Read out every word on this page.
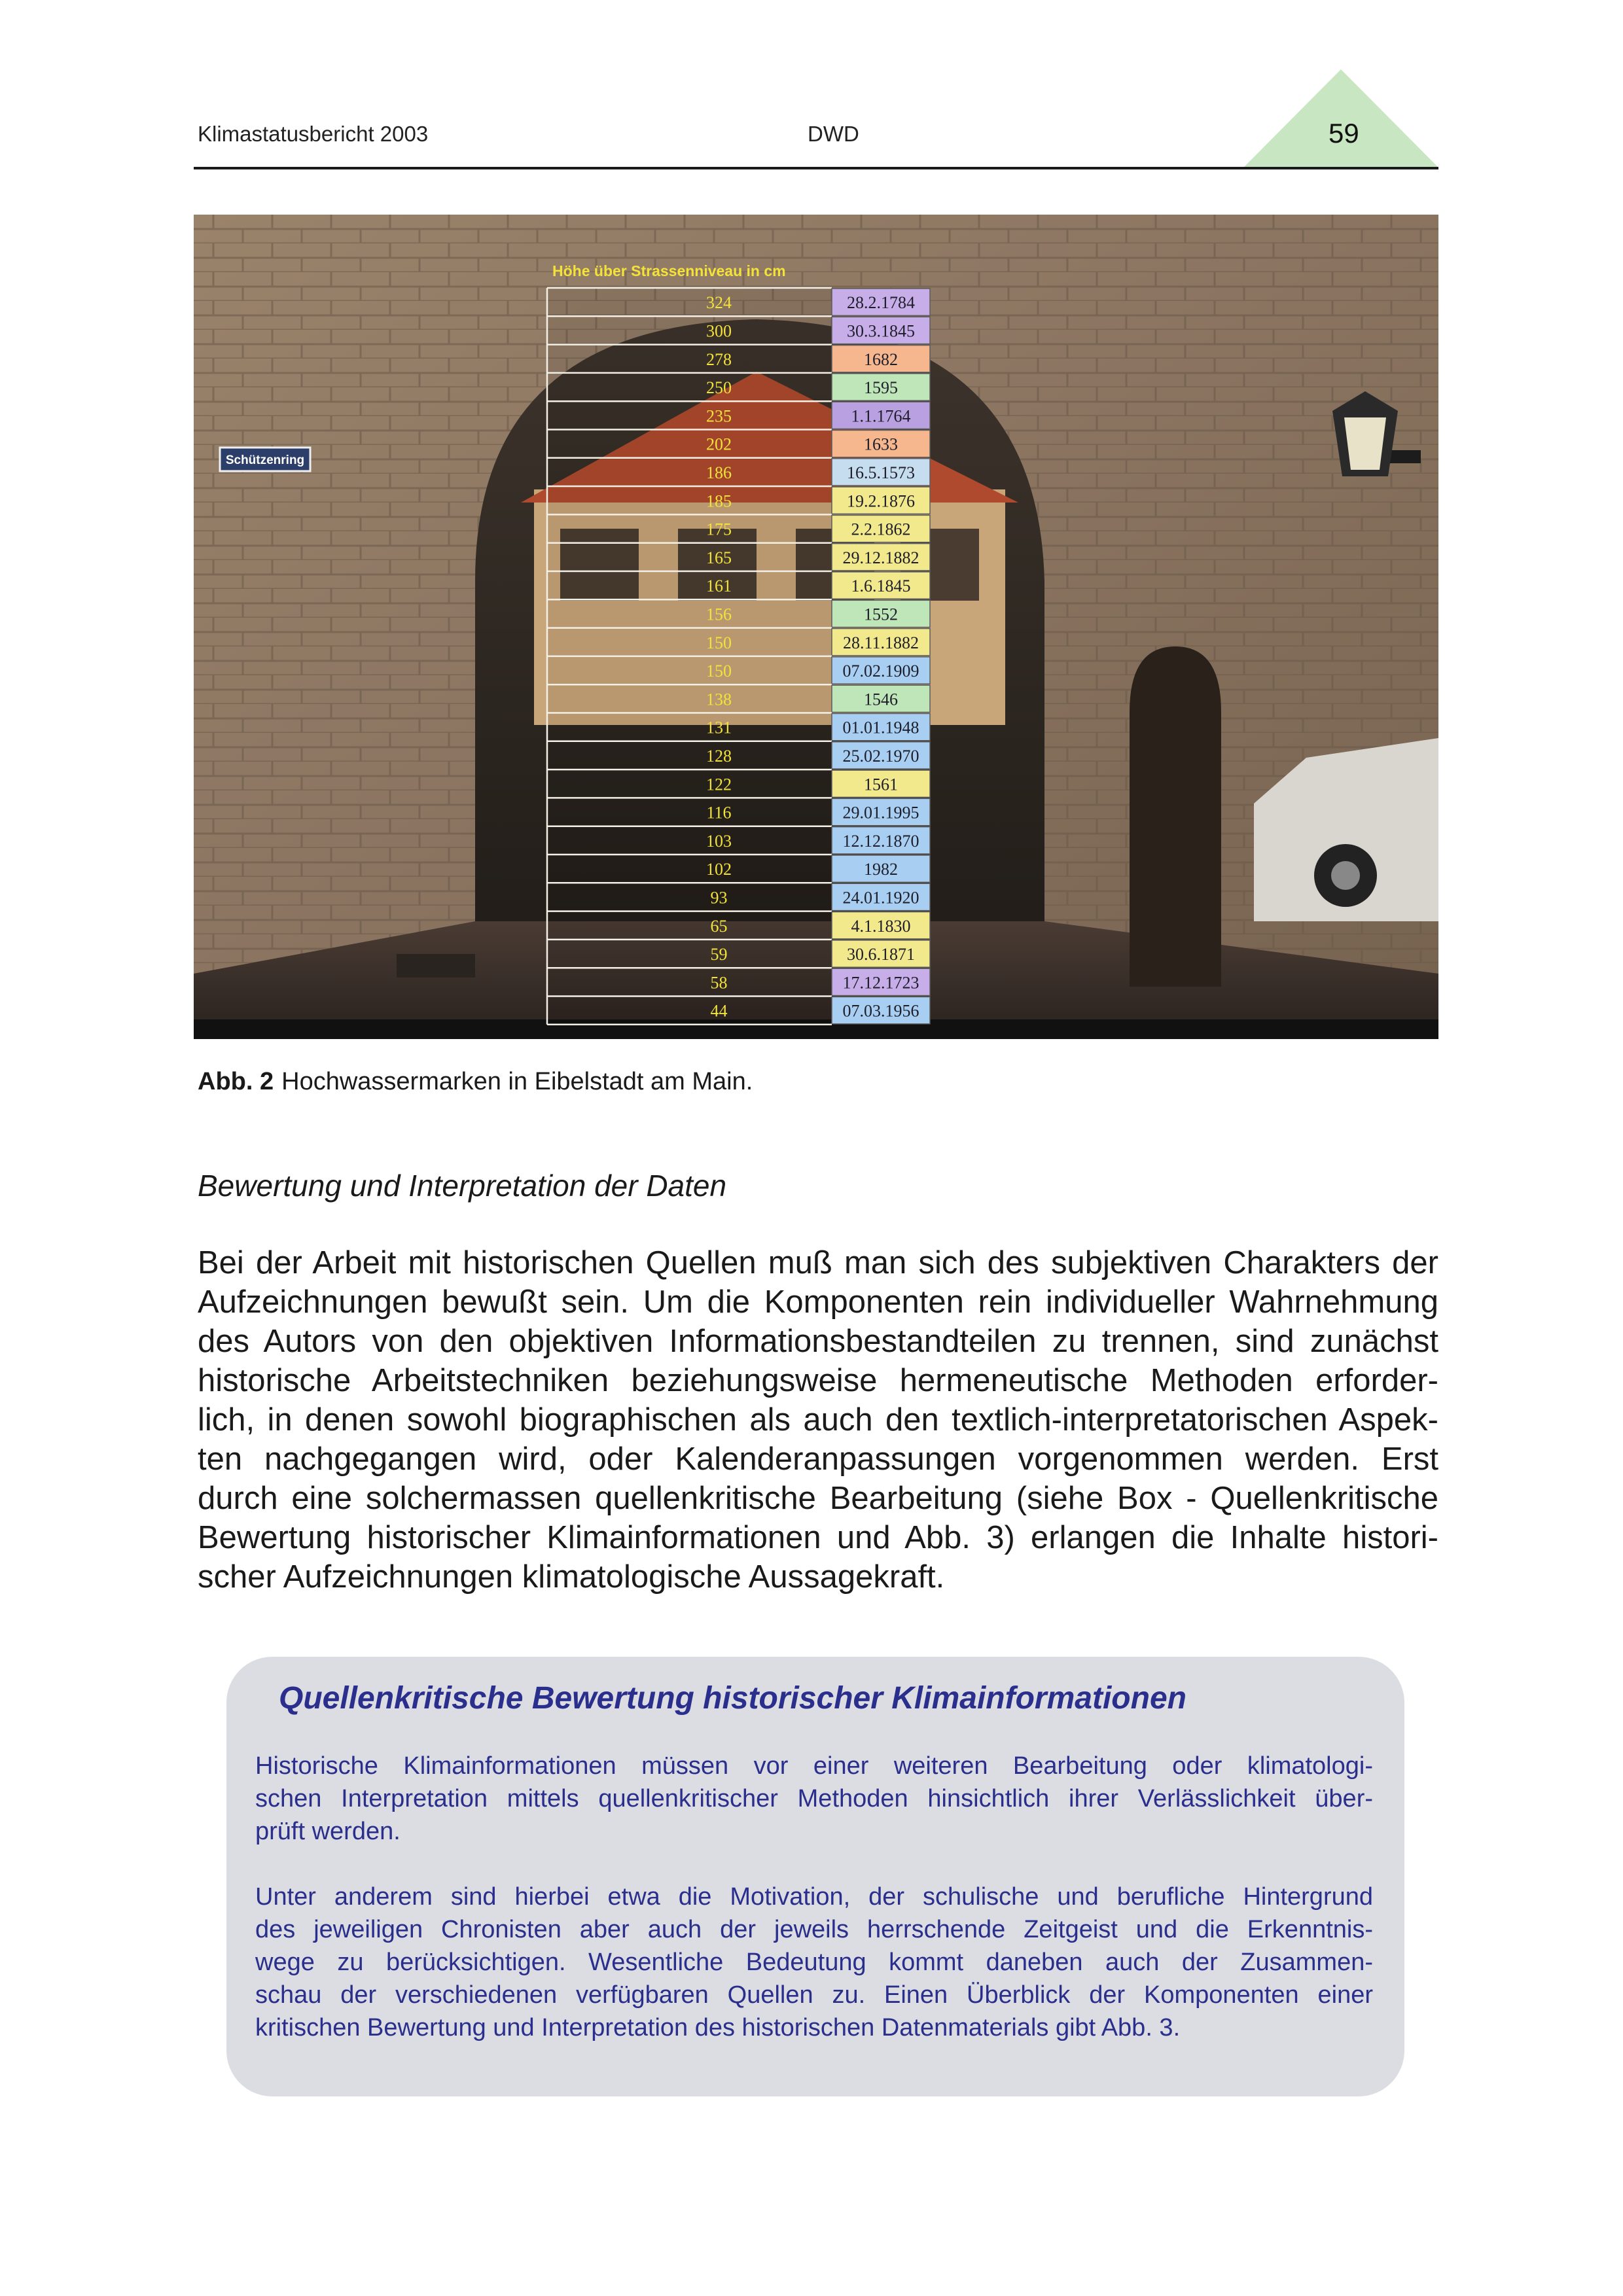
Klimastatusbericht 2003	DWD	59
Schützenring
Höhe über Strassenniveau in cm
324	28.2.1784
300	30.3.1845
278	1682
250	1595
235	1.1.1764
202	1633
186	16.5.1573
185	19.2.1876
175	2.2.1862
165	29.12.1882
161	1.6.1845
156	1552
150	28.11.1882
150	07.02.1909
138	1546
131	01.01.1948
128	25.02.1970
122	1561
116	29.01.1995
103	12.12.1870
102	1982
93	24.01.1920
65	4.1.1830
59	30.6.1871
58	17.12.1723
44	07.03.1956
Abb. 2 Hochwassermarken in Eibelstadt am Main.
Bewertung und Interpretation der Daten
Bei der Arbeit mit historischen Quellen muß man sich des subjektiven Charakters der
Aufzeichnungen bewußt sein. Um die Komponenten rein individueller Wahrnehmung
des Autors von den objektiven Informationsbestandteilen zu trennen, sind zunächst
historische Arbeitstechniken beziehungsweise hermeneutische Methoden erforder-
lich, in denen sowohl biographischen als auch den textlich-interpretatorischen Aspek-
ten nachgegangen wird, oder Kalenderanpassungen vorgenommen werden. Erst
durch eine solchermassen quellenkritische Bearbeitung (siehe Box - Quellenkritische
Bewertung historischer Klimainformationen und Abb. 3) erlangen die Inhalte histori-
scher Aufzeichnungen klimatologische Aussagekraft.
Quellenkritische Bewertung historischer Klimainformationen
Historische Klimainformationen müssen vor einer weiteren Bearbeitung oder klimatologi-
schen Interpretation mittels quellenkritischer Methoden hinsichtlich ihrer Verlässlichkeit über-
prüft werden.
Unter anderem sind hierbei etwa die Motivation, der schulische und berufliche Hintergrund
des jeweiligen Chronisten aber auch der jeweils herrschende Zeitgeist und die Erkenntnis-
wege zu berücksichtigen. Wesentliche Bedeutung kommt daneben auch der Zusammen-
schau der verschiedenen verfügbaren Quellen zu. Einen Überblick der Komponenten einer
kritischen Bewertung und Interpretation des historischen Datenmaterials gibt Abb. 3.
